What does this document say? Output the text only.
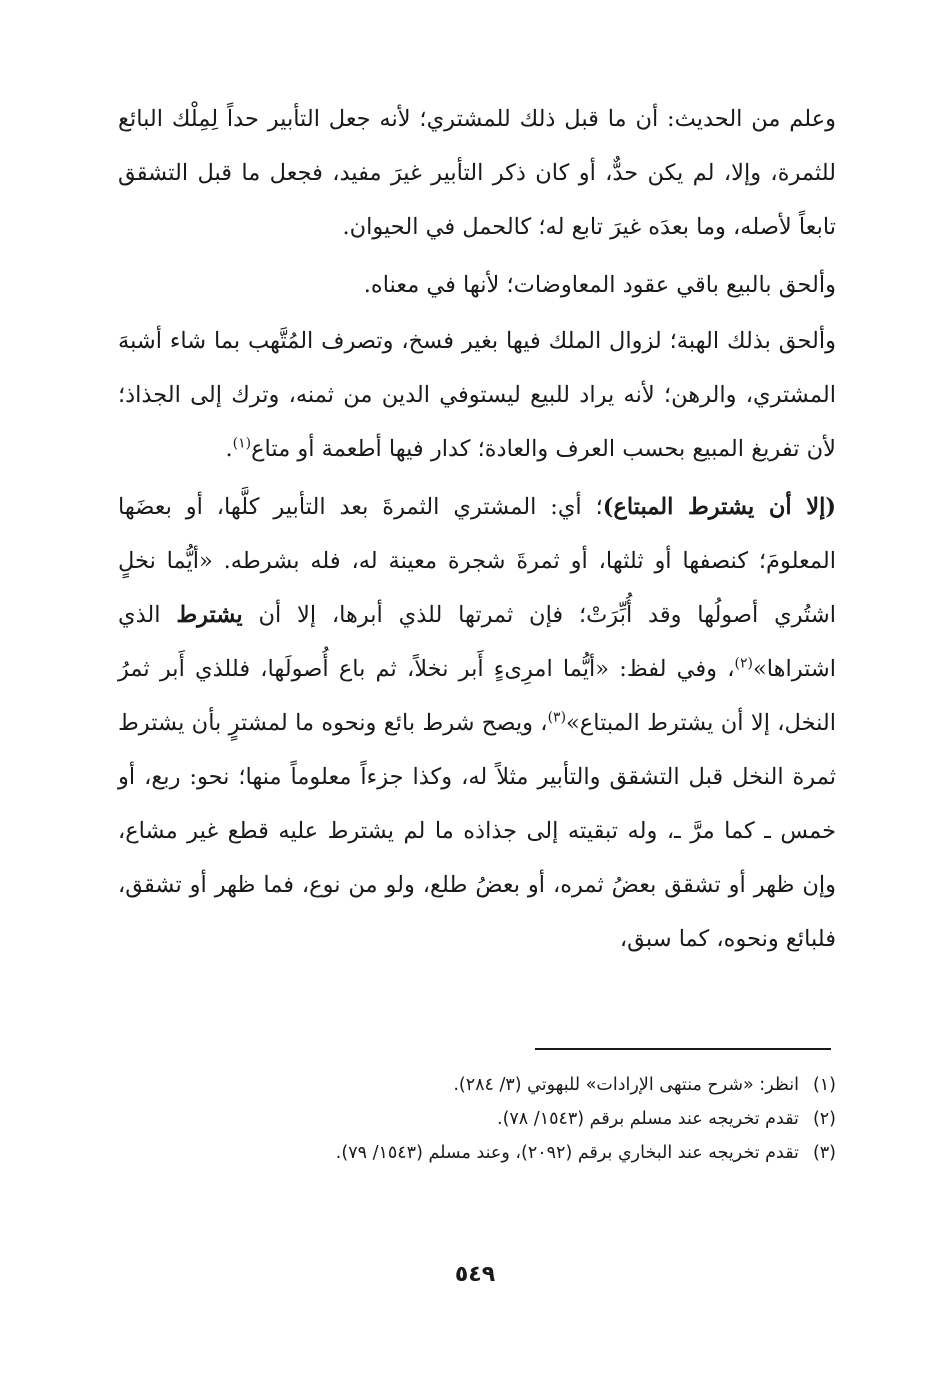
وعلم من الحديث: أن ما قبل ذلك للمشتري؛ لأنه جعل التأبير حداً لِمِلْك البائع للثمرة، وإلا، لم يكن حدٌّ، أو كان ذكر التأبير غيرَ مفيد، فجعل ما قبل التشقق تابعاً لأصله، وما بعدَه غيرَ تابع له؛ كالحمل في الحيوان.

وألحق بالبيع باقي عقود المعاوضات؛ لأنها في معناه.

وألحق بذلك الهبة؛ لزوال الملك فيها بغير فسخ، وتصرف المُتَّهب بما شاء أشبهَ المشتري، والرهن؛ لأنه يراد للبيع ليستوفي الدين من ثمنه، وترك إلى الجذاذ؛ لأن تفريغ المبيع بحسب العرف والعادة؛ كدار فيها أطعمة أو متاع$^{(١)}$.

(إلا أن يشترط المبتاع)؛ أي: المشتري الثمرةَ بعد التأبير كلَّها، أو بعضَها المعلومَ؛ كنصفها أو ثلثها، أو ثمرةَ شجرة معينة له، فله بشرطه. «أيُّما نخلٍ اشتُري أصولُها وقد أُبِّرَتْ؛ فإن ثمرتها للذي أبرها، إلا أن يشترط الذي اشتراها»$^{(٢)}$، وفي لفظ: «أيُّما امرِىءٍ أَبر نخلاً، ثم باع أُصولَها، فللذي أَبر ثمرُ النخل، إلا أن يشترط المبتاع»$^{(٣)}$، ويصح شرط بائع ونحوه ما لمشترٍ بأن يشترط ثمرة النخل قبل التشقق والتأبير مثلاً له، وكذا جزءاً معلوماً منها؛ نحو: ربع، أو خمس ـ كما مرَّ ـ، وله تبقيته إلى جذاذه ما لم يشترط عليه قطع غير مشاع، وإن ظهر أو تشقق بعضُ ثمره، أو بعضُ طلع، ولو من نوع، فما ظهر أو تشقق، فلبائع ونحوه، كما سبق،

(١)
انظر: «شرح منتهى الإرادات» للبهوتي (٣/ ٢٨٤).
(٢)
تقدم تخريجه عند مسلم برقم (١٥٤٣/ ٧٨).
(٣)
تقدم تخريجه عند البخاري برقم (٢٠٩٢)، وعند مسلم (١٥٤٣/ ٧٩).
٥٤٩
